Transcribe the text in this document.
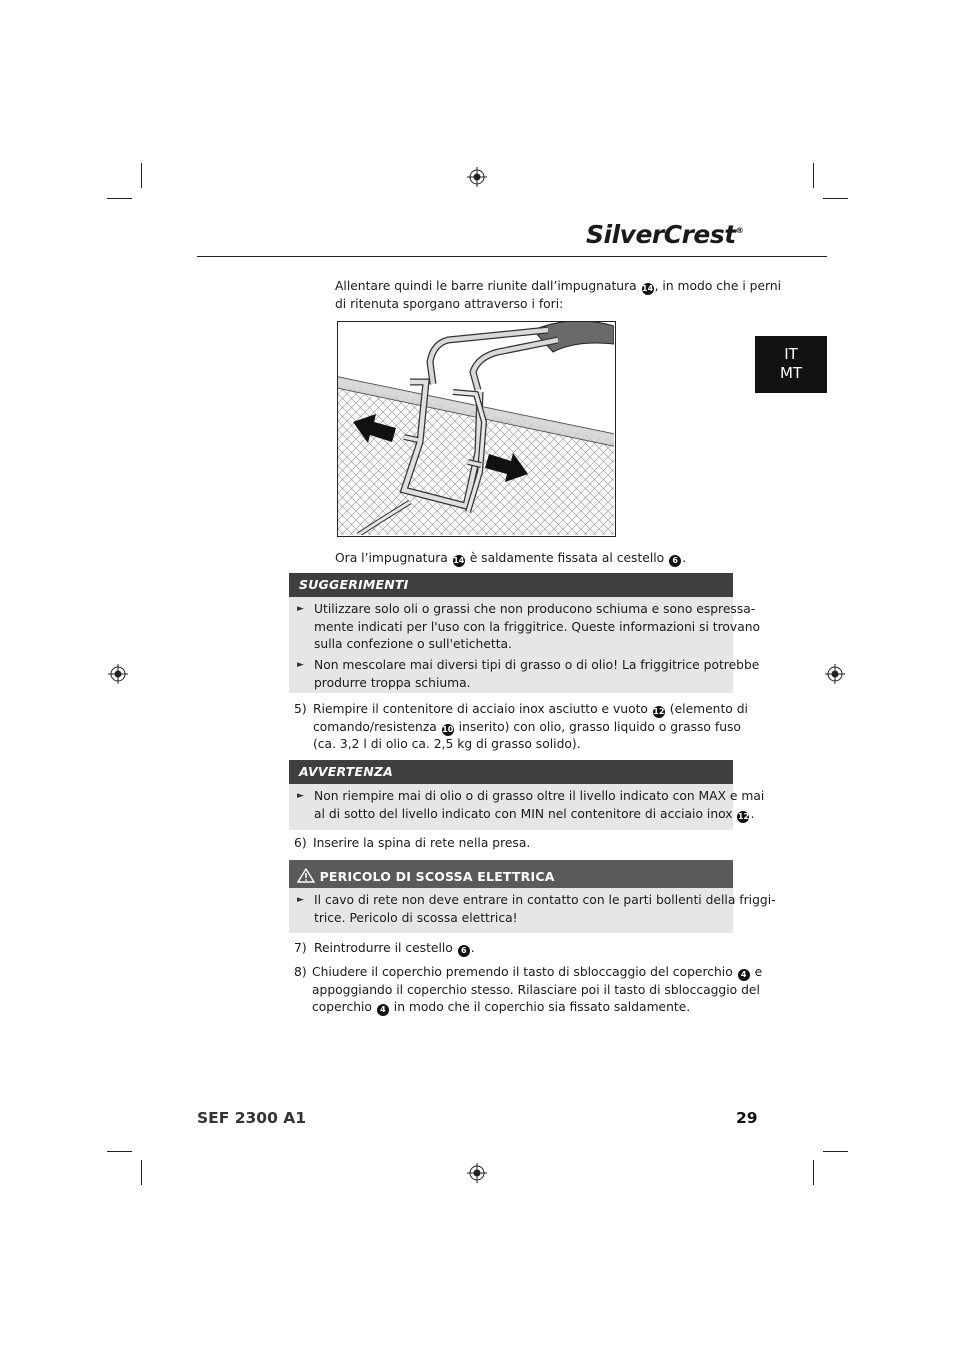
SilverCrest®
IT
MT
Allentare quindi le barre riunite dall’impugnatura 14, in modo che i perni
di ritenuta sporgano attraverso i fori:
Ora l’impugnatura 14 è saldamente fissata al cestello 6 .
SUGGERIMENTI
► Utilizzare solo oli o grassi che non producono schiuma e sono espressa-
mente indicati per l'uso con la friggitrice. Queste informazioni si trovano
sulla confezione o sull'etichetta.
► Non mescolare mai diversi tipi di grasso o di olio! La friggitrice potrebbe
produrre troppa schiuma.
5) Riempire il contenitore di acciaio inox asciutto e vuoto 12 (elemento di
comando/resistenza 10 inserito) con olio, grasso liquido o grasso fuso
(ca. 3,2 l di olio ca. 2,5 kg di grasso solido).
AVVERTENZA
► Non riempire mai di olio o di grasso oltre il livello indicato con MAX e mai
al di sotto del livello indicato con MIN nel contenitore di acciaio inox 12.
6) Inserire la spina di rete nella presa.
PERICOLO DI SCOSSA ELETTRICA
► Il cavo di rete non deve entrare in contatto con le parti bollenti della friggi-
trice. Pericolo di scossa elettrica!
7) Reintrodurre il cestello 6 .
8) Chiudere il coperchio premendo il tasto di sbloccaggio del coperchio 4 e
appoggiando il coperchio stesso. Rilasciare poi il tasto di sbloccaggio del
coperchio 4 in modo che il coperchio sia fissato saldamente.
SEF 2300 A1	29
